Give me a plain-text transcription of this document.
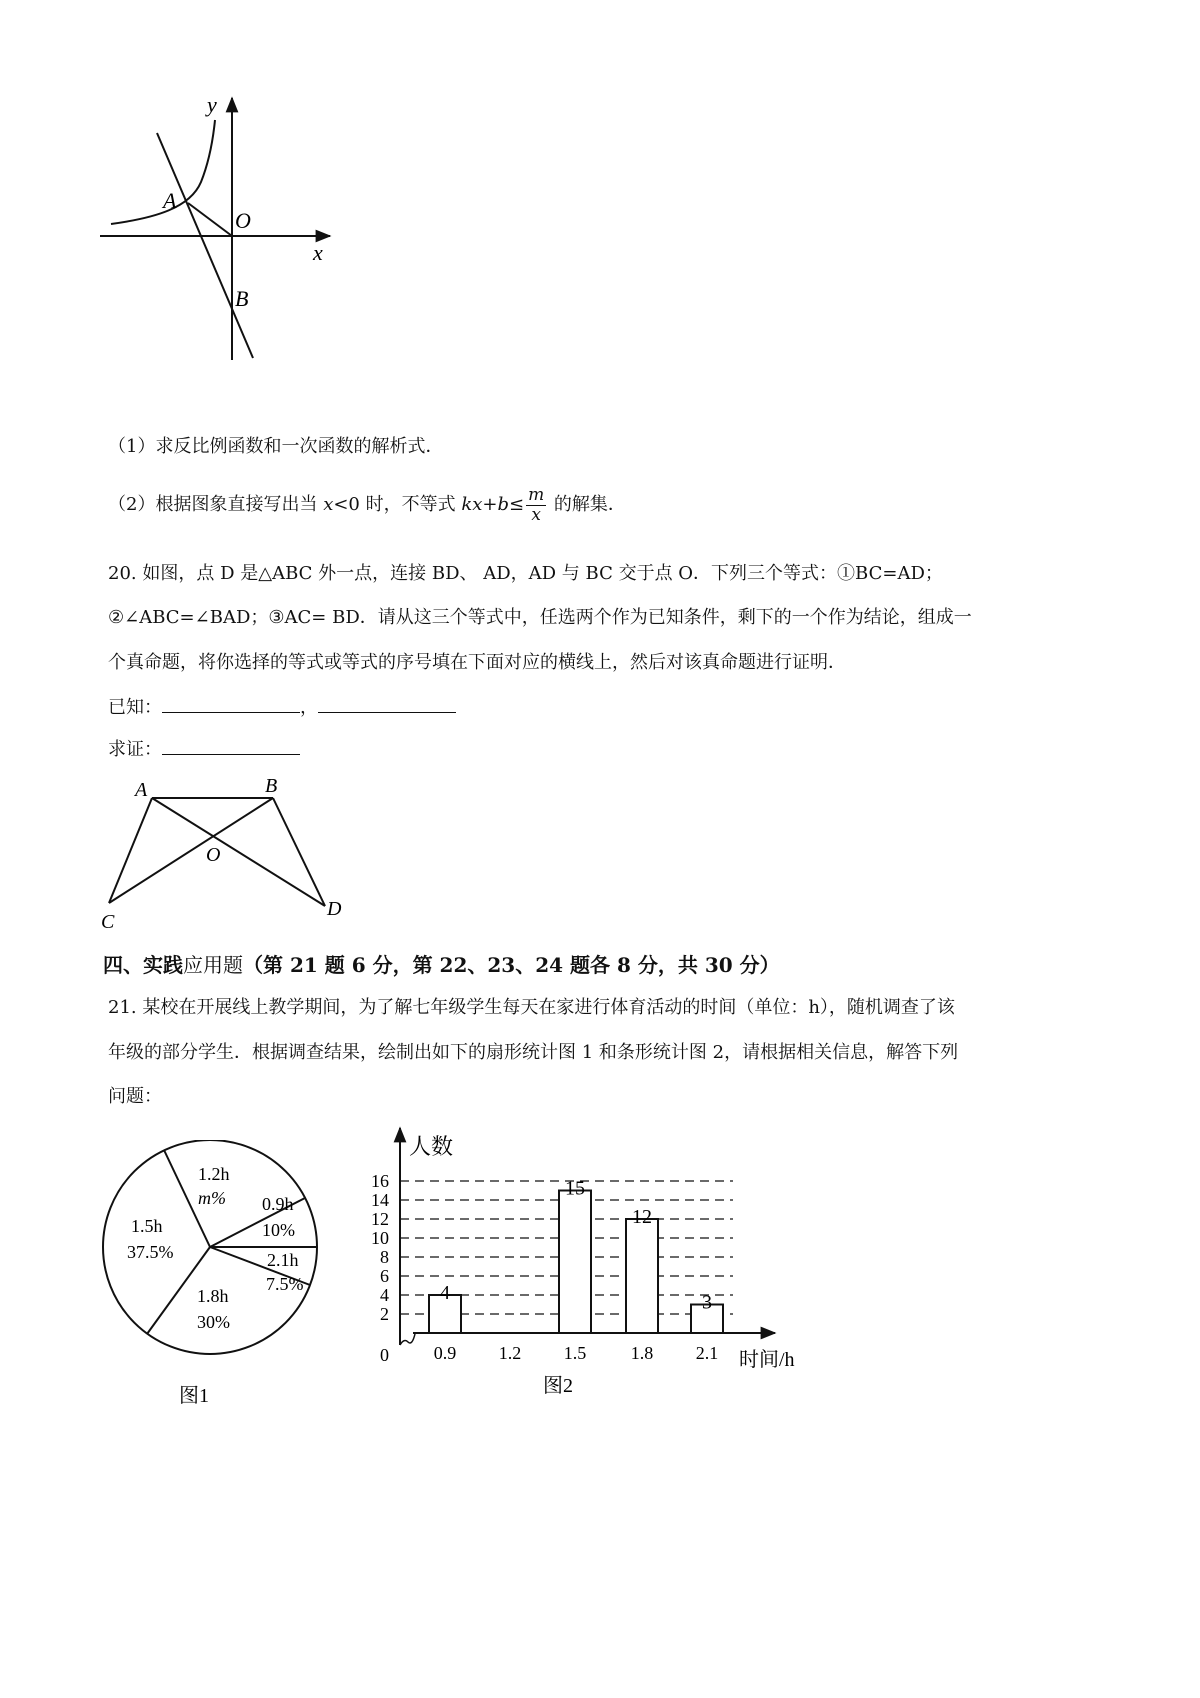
y
x
O
A
B
（1）求反比例函数和一次函数的解析式．
（2）根据图象直接写出当 x<0 时，不等式 $kx+b\le \frac{m}{x}$ 的解集．
20. 如图，点 D 是△ABC 外一点，连接 BD、 AD，AD 与 BC 交于点 O．下列三个等式：①BC=AD；
②∠ABC=∠BAD；③AC= BD．请从这三个等式中，任选两个作为已知条件，剩下的一个作为结论，组成一
个真命题，将你选择的等式或等式的序号填在下面对应的横线上，然后对该真命题进行证明．
已知：	，
求证：
A	B
C
D
O
四、实践应用题（第 21 题 6 分，第 22、23、24 题各 8 分，共 30 分）
21. 某校在开展线上教学期间，为了解七年级学生每天在家进行体育活动的时间（单位：h），随机调查了该
年级的部分学生．根据调查结果，绘制出如下的扇形统计图 1 和条形统计图 2，请根据相关信息，解答下列
问题：
1.2h
m% 0.9h
10%
2.1h
7.5%
1.5h
37.5%
1.8h
30%
图1
0
2
4
6
8
10
12
14
16
0.9
4
1.2 1.5
15
1.8
12
2.1
3
人数
时间/h
图2
